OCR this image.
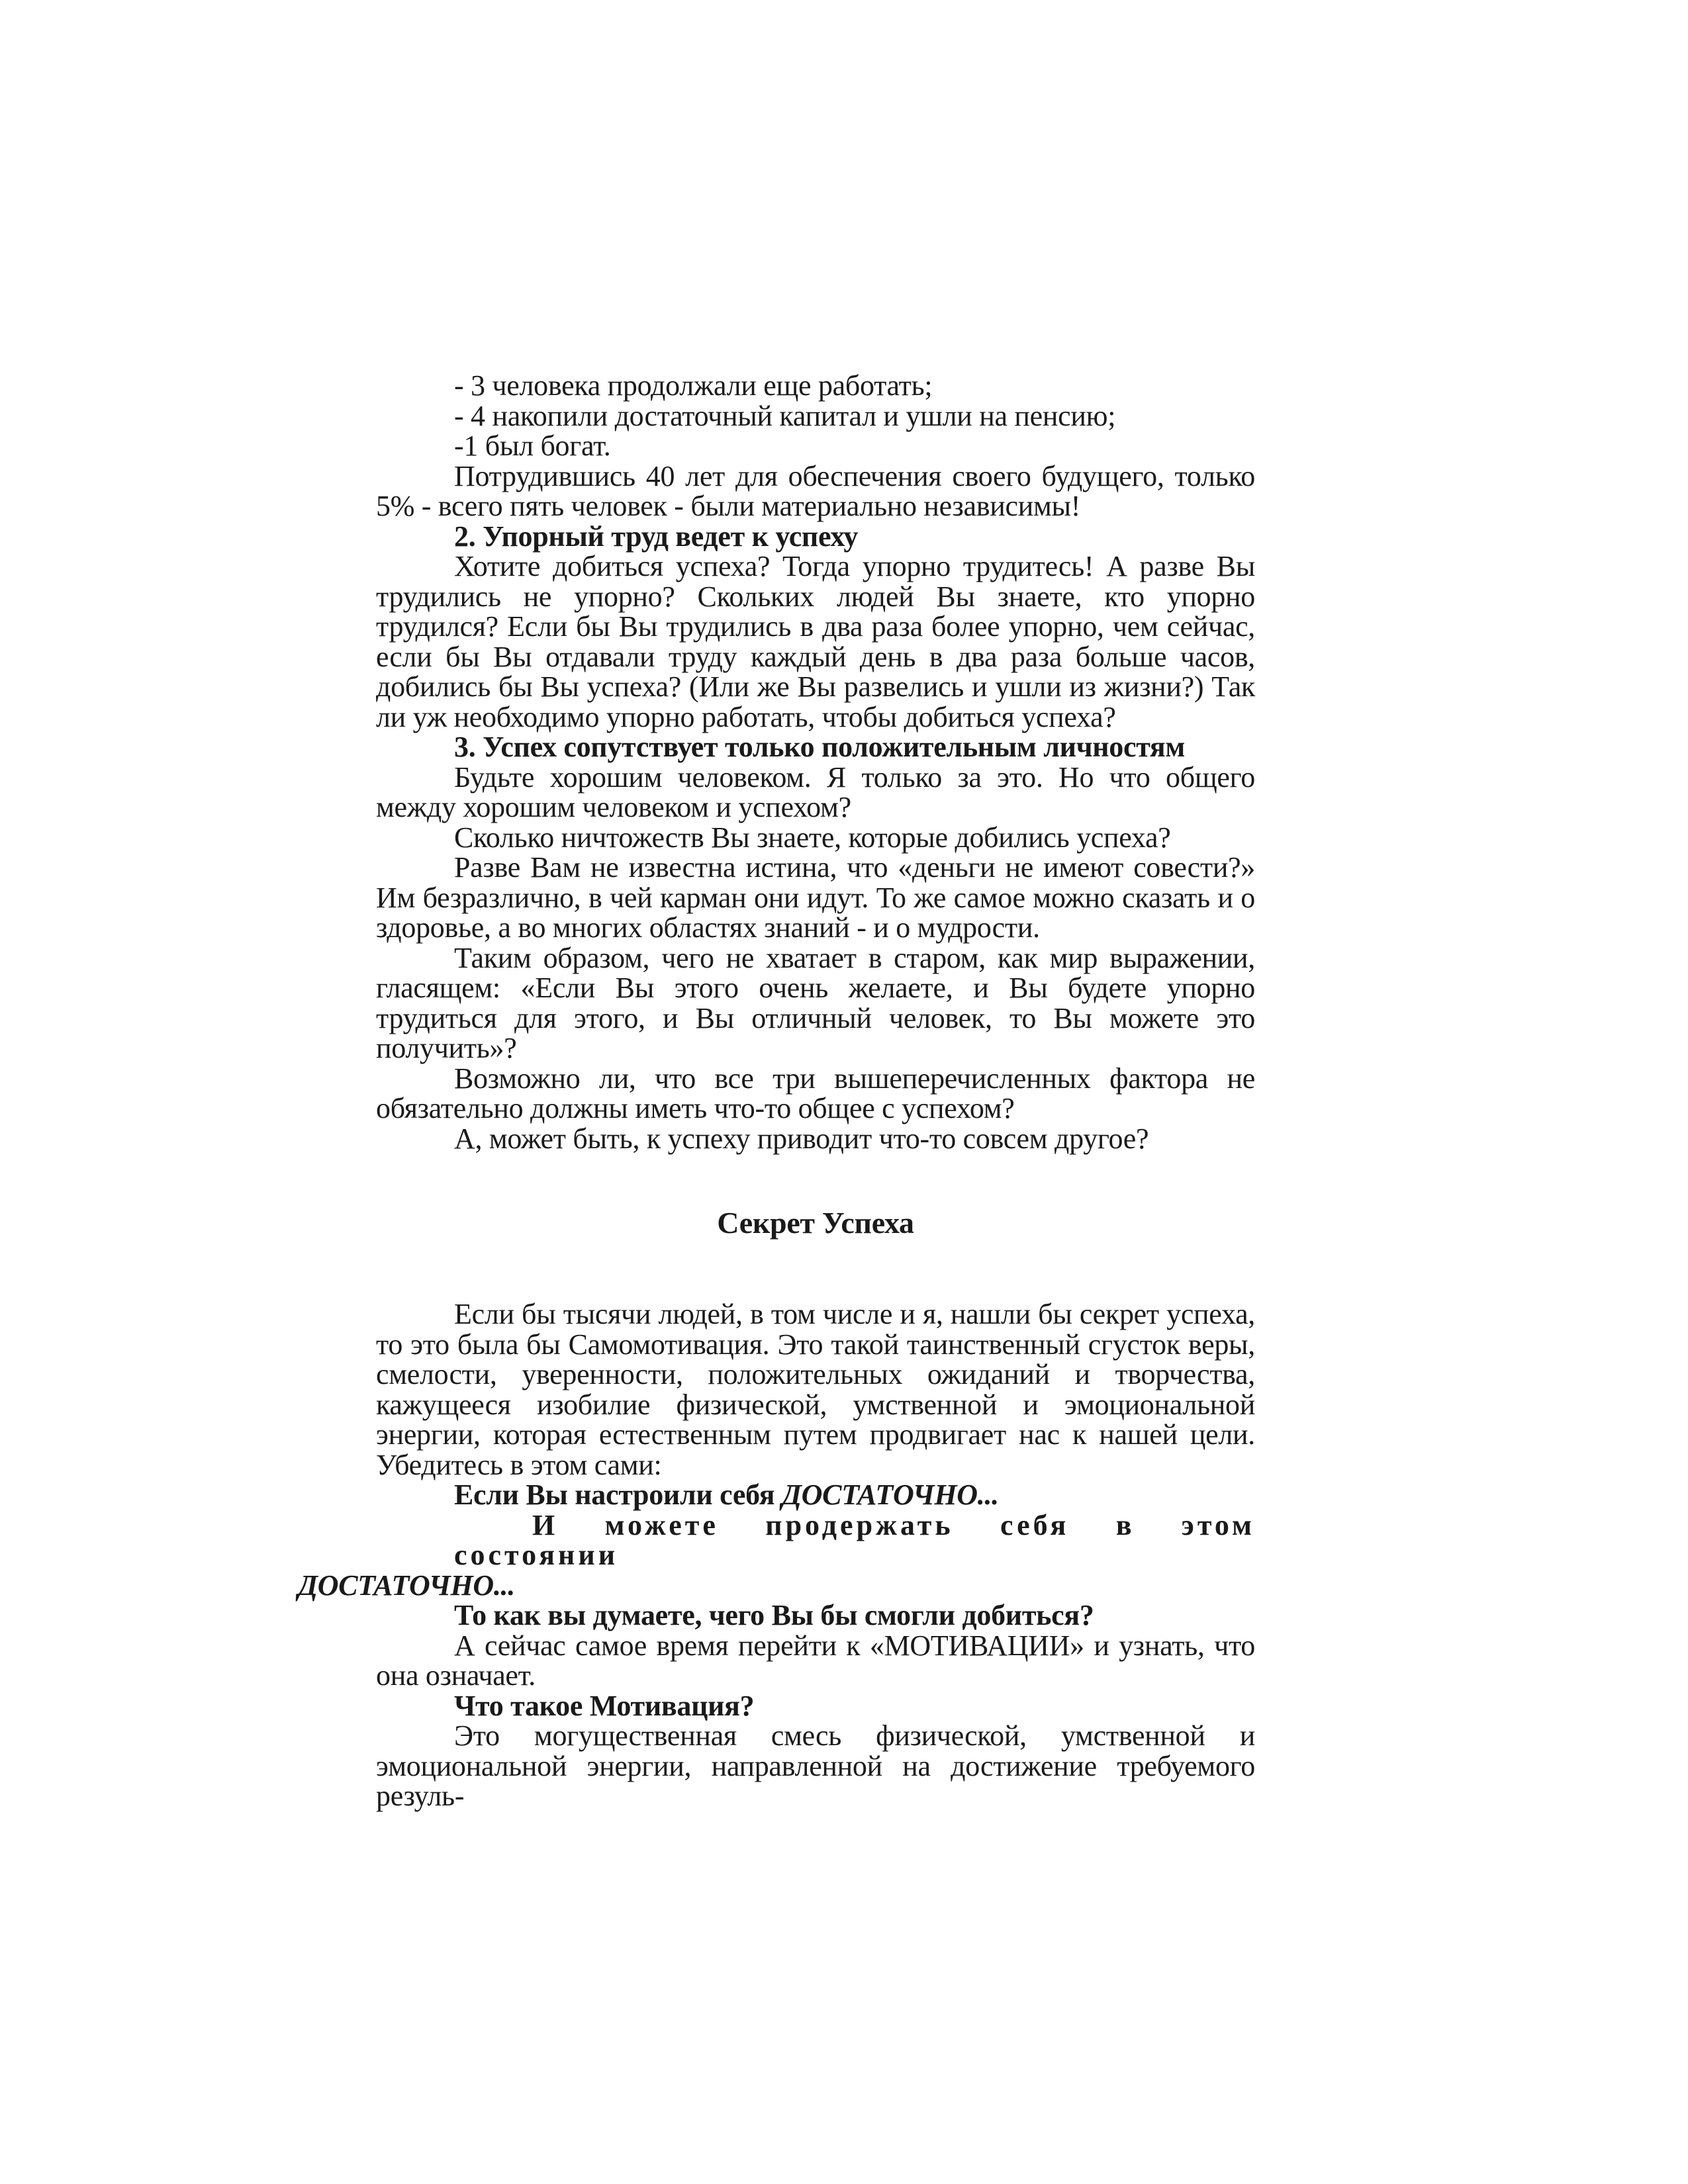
- 3 человека продолжали еще работать;

- 4 накопили достаточный капитал и ушли на пенсию;

-1 был богат.

Потрудившись 40 лет для обеспечения своего будущего, только 5% - всего пять человек - были материально независимы!

2. Упорный труд ведет к успеху

Хотите добиться успеха? Тогда упорно трудитесь! А разве Вы трудились не упорно? Скольких людей Вы знаете, кто упорно трудился? Если бы Вы трудились в два раза более упорно, чем сейчас, если бы Вы отдавали труду каждый день в два раза больше часов, добились бы Вы успеха? (Или же Вы развелись и ушли из жизни?) Так ли уж необходимо упорно работать, чтобы добиться успеха?

3. Успех сопутствует только положительным личностям

Будьте хорошим человеком. Я только за это. Но что общего между хорошим человеком и успехом?

Сколько ничтожеств Вы знаете, которые добились успеха?

Разве Вам не известна истина, что «деньги не имеют совести?» Им безразлично, в чей карман они идут. То же самое можно сказать и о здоровье, а во многих областях знаний - и о мудрости.

Таким образом, чего не хватает в старом, как мир выражении, гласящем: «Если Вы этого очень желаете, и Вы будете упорно трудиться для этого, и Вы отличный человек, то Вы можете это получить»?

Возможно ли, что все три вышеперечисленных фактора не обязательно должны иметь что-то общее с успехом?

А, может быть, к успеху приводит что-то совсем другое?

Секрет Успеха

Если бы тысячи людей, в том числе и я, нашли бы секрет успеха, то это была бы Самомотивация. Это такой таинственный сгусток веры, смелости, уверенности, положительных ожиданий и творчества, кажущееся изобилие физической, умственной и эмоциональной энергии, которая естественным путем продвигает нас к нашей цели. Убедитесь в этом сами:

Если Вы настроили себя ДОСТАТОЧНО...

И можете продержать себя в этом состоянии
ДОСТАТОЧНО...

То как вы думаете, чего Вы бы смогли добиться?

А сейчас самое время перейти к «МОТИВАЦИИ» и узнать, что она означает.

Что такое Мотивация?

Это могущественная смесь физической, умственной и эмоциональной энергии, направленной на достижение требуемого резуль-
